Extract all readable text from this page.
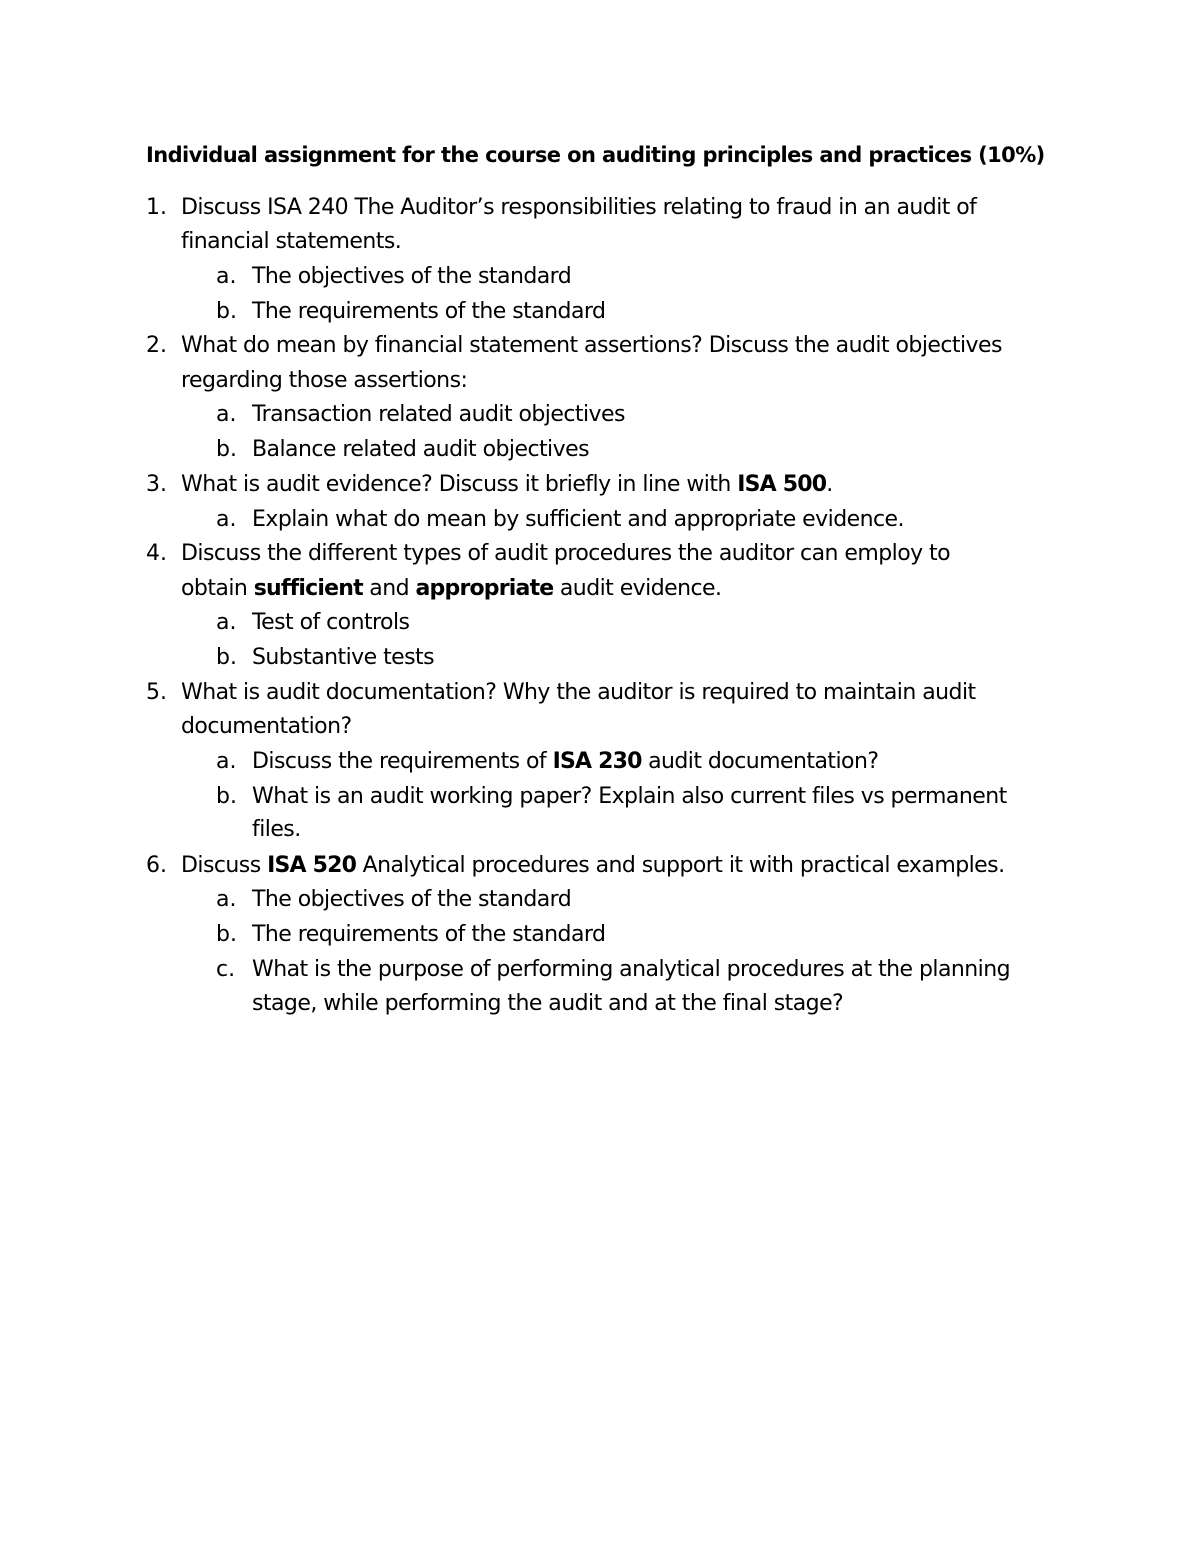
Individual assignment for the course on auditing principles and practices (10%)
1. Discuss ISA 240 The Auditor’s responsibilities relating to fraud in an audit of
financial statements.
a. The objectives of the standard
b. The requirements of the standard
2. What do mean by financial statement assertions? Discuss the audit objectives
regarding those assertions:
a. Transaction related audit objectives
b. Balance related audit objectives
3. What is audit evidence? Discuss it briefly in line with ISA 500.
a. Explain what do mean by sufficient and appropriate evidence.
4. Discuss the different types of audit procedures the auditor can employ to
obtain sufficient and appropriate audit evidence.
a. Test of controls
b. Substantive tests
5. What is audit documentation? Why the auditor is required to maintain audit
documentation?
a. Discuss the requirements of ISA 230 audit documentation?
b. What is an audit working paper? Explain also current files vs permanent
files.
6. Discuss ISA 520 Analytical procedures and support it with practical examples.
a. The objectives of the standard
b. The requirements of the standard
c. What is the purpose of performing analytical procedures at the planning
stage, while performing the audit and at the final stage?
